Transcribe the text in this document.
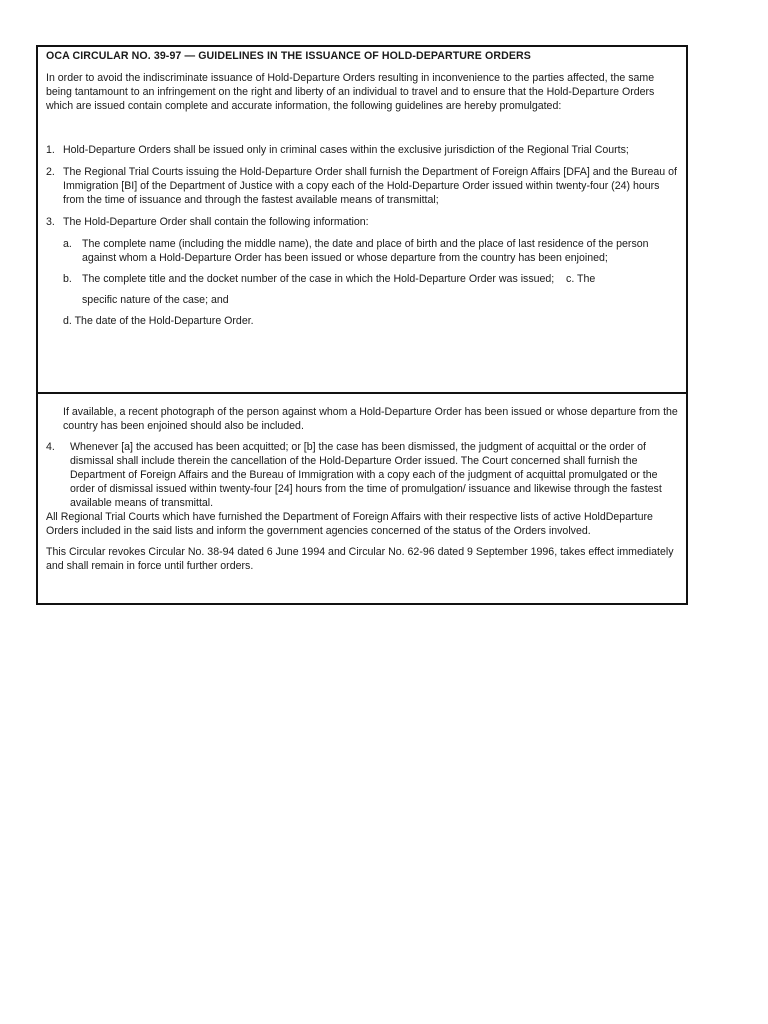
OCA CIRCULAR NO. 39-97 — GUIDELINES IN THE ISSUANCE OF HOLD-DEPARTURE ORDERS

In order to avoid the indiscriminate issuance of Hold-Departure Orders resulting in inconvenience to the parties affected, the same being tantamount to an infringement on the right and liberty of an individual to travel and to ensure that the Hold-Departure Orders which are issued contain complete and accurate information, the following guidelines are hereby promulgated:

1. Hold-Departure Orders shall be issued only in criminal cases within the exclusive jurisdiction of the Regional Trial Courts;
2. The Regional Trial Courts issuing the Hold-Departure Order shall furnish the Department of Foreign Affairs [DFA] and the Bureau of Immigration [BI] of the Department of Justice with a copy each of the Hold-Departure Order issued within twenty-four (24) hours from the time of issuance and through the fastest available means of transmittal;
3. The Hold-Departure Order shall contain the following information:
a. The complete name (including the middle name), the date and place of birth and the place of last residence of the person against whom a Hold-Departure Order has been issued or whose departure from the country has been enjoined;
b. The complete title and the docket number of the case in which the Hold-Departure Order was issued;    c. The
specific nature of the case; and
d. The date of the Hold-Departure Order.

If available, a recent photograph of the person against whom a Hold-Departure Order has been issued or whose departure from the country has been enjoined should also be included.

4.	Whenever [a] the accused has been acquitted; or [b] the case has been dismissed, the judgment of acquittal or the order of dismissal shall include therein the cancellation of the Hold-Departure Order issued. The Court concerned shall furnish the Department of Foreign Affairs and the Bureau of Immigration with a copy each of the judgment of acquittal promulgated or the order of dismissal issued within twenty-four [24] hours from the time of promulgation/ issuance and likewise through the fastest available means of transmittal.

All Regional Trial Courts which have furnished the Department of Foreign Affairs with their respective lists of active HoldDeparture Orders included in the said lists and inform the government agencies concerned of the status of the Orders involved.

This Circular revokes Circular No. 38-94 dated 6 June 1994 and Circular No. 62-96 dated 9 September 1996, takes effect immediately and shall remain in force until further orders.
